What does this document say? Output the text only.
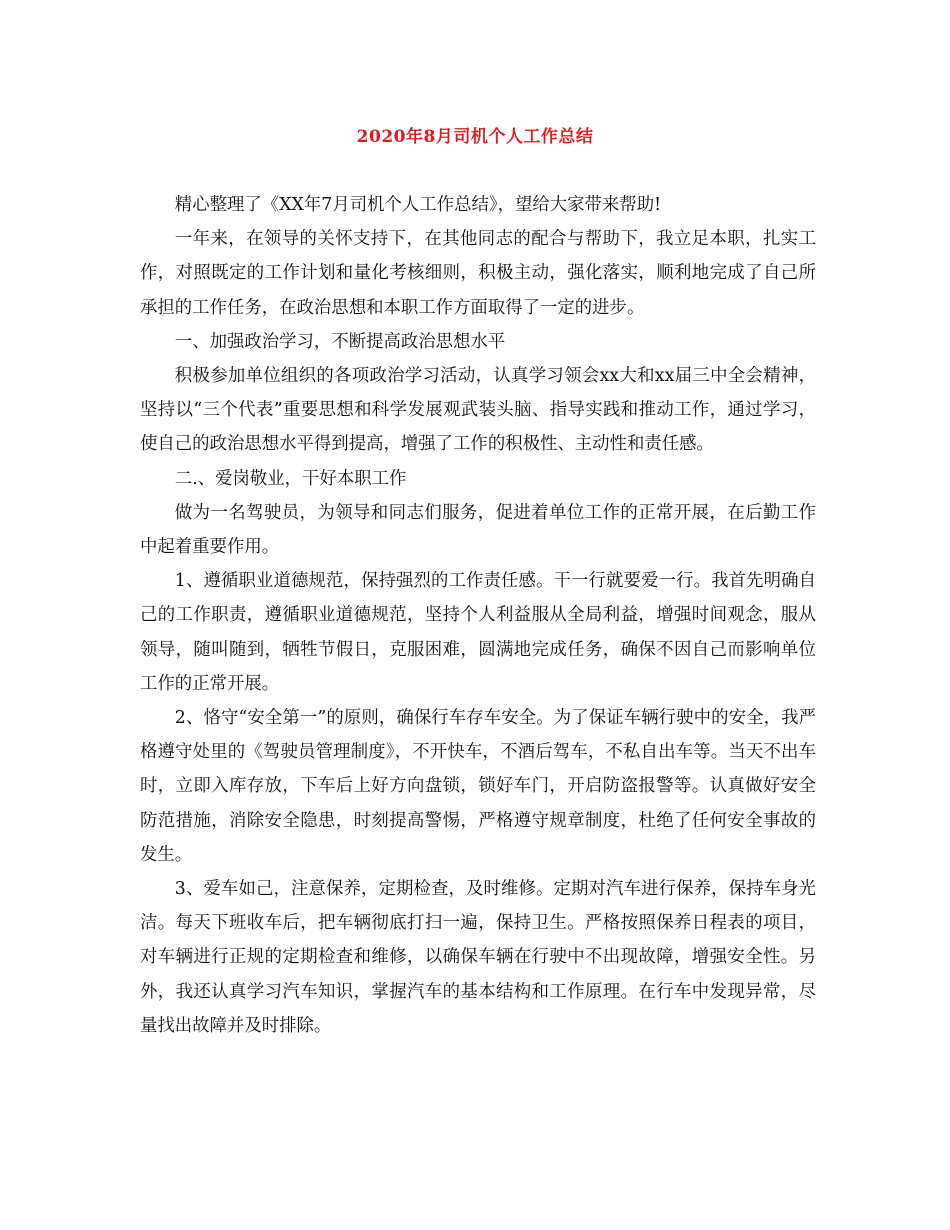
2020年8月司机个人工作总结

精心整理了《XX年7月司机个人工作总结》，望给大家带来帮助!

一年来，在领导的关怀支持下，在其他同志的配合与帮助下，我立足本职，扎实工作，对照既定的工作计划和量化考核细则，积极主动，强化落实，顺利地完成了自己所承担的工作任务，在政治思想和本职工作方面取得了一定的进步。

一、加强政治学习，不断提高政治思想水平

积极参加单位组织的各项政治学习活动，认真学习领会xx大和xx届三中全会精神，坚持以“三个代表”重要思想和科学发展观武装头脑、指导实践和推动工作，通过学习，使自己的政治思想水平得到提高，增强了工作的积极性、主动性和责任感。

二.、爱岗敬业，干好本职工作

做为一名驾驶员，为领导和同志们服务，促进着单位工作的正常开展，在后勤工作中起着重要作用。

1、遵循职业道德规范，保持强烈的工作责任感。干一行就要爱一行。我首先明确自己的工作职责，遵循职业道德规范，坚持个人利益服从全局利益，增强时间观念，服从领导，随叫随到，牺牲节假日，克服困难，圆满地完成任务，确保不因自己而影响单位工作的正常开展。

2、恪守“安全第一”的原则，确保行车存车安全。为了保证车辆行驶中的安全，我严格遵守处里的《驾驶员管理制度》，不开快车，不酒后驾车，不私自出车等。当天不出车时，立即入库存放，下车后上好方向盘锁，锁好车门，开启防盗报警等。认真做好安全防范措施，消除安全隐患，时刻提高警惕，严格遵守规章制度，杜绝了任何安全事故的发生。

3、爱车如己，注意保养，定期检查，及时维修。定期对汽车进行保养，保持车身光洁。每天下班收车后，把车辆彻底打扫一遍，保持卫生。严格按照保养日程表的项目，对车辆进行正规的定期检查和维修，以确保车辆在行驶中不出现故障，增强安全性。另外，我还认真学习汽车知识，掌握汽车的基本结构和工作原理。在行车中发现异常，尽量找出故障并及时排除。
